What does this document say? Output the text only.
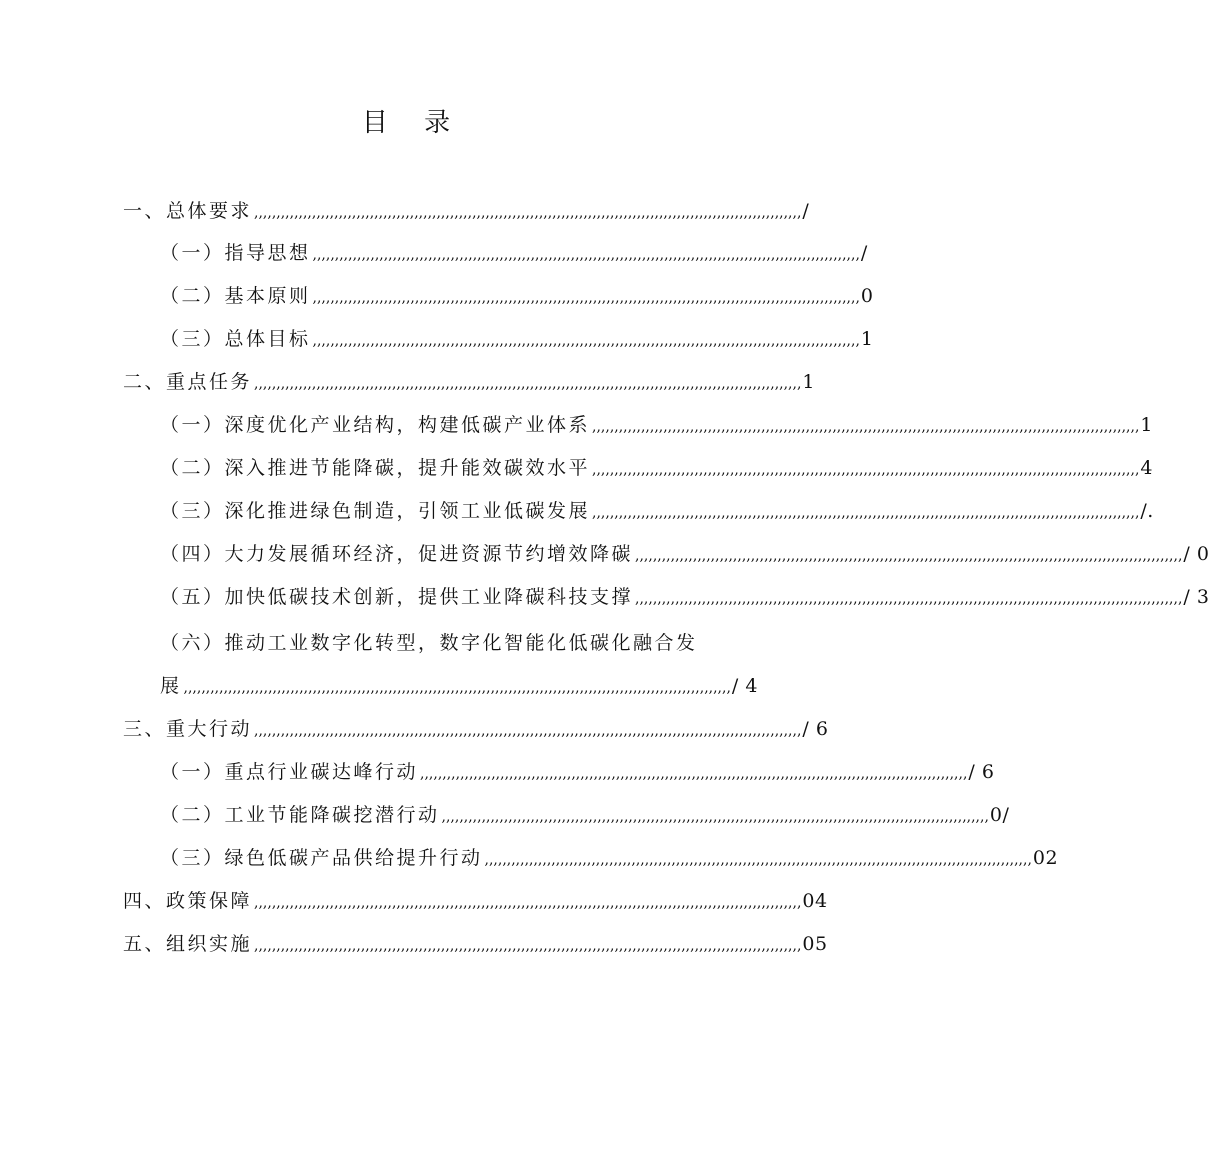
目 录
一、总体要求 ,,,,,,,,,,,,,,,,,,,,,,,,,,,,,,,,,,,,,,,,,,,,,,,,,,,,,,,,,,,,,,,,,,,,,,,,,,,,,,,,,,,,,,,,,,,,,,,,,,,,,,,,,,,,,,,,,,,,,,,,,,, /
（一）指导思想 ,,,,,,,,,,,,,,,,,,,,,,,,,,,,,,,,,,,,,,,,,,,,,,,,,,,,,,,,,,,,,,,,,,,,,,,,,,,,,,,,,,,,,,,,,,,,,,,,,,,,,,,,,,,,,,,,,,,,,,,,,,, /
（二）基本原则 ,,,,,,,,,,,,,,,,,,,,,,,,,,,,,,,,,,,,,,,,,,,,,,,,,,,,,,,,,,,,,,,,,,,,,,,,,,,,,,,,,,,,,,,,,,,,,,,,,,,,,,,,,,,,,,,,,,,,,,,,,,, 0
（三）总体目标 ,,,,,,,,,,,,,,,,,,,,,,,,,,,,,,,,,,,,,,,,,,,,,,,,,,,,,,,,,,,,,,,,,,,,,,,,,,,,,,,,,,,,,,,,,,,,,,,,,,,,,,,,,,,,,,,,,,,,,,,,,,, 1
二、重点任务 ,,,,,,,,,,,,,,,,,,,,,,,,,,,,,,,,,,,,,,,,,,,,,,,,,,,,,,,,,,,,,,,,,,,,,,,,,,,,,,,,,,,,,,,,,,,,,,,,,,,,,,,,,,,,,,,,,,,,,,,,,,, 1
（一）深度优化产业结构，构建低碳产业体系 ,,,,,,,,,,,,,,,,,,,,,,,,,,,,,,,,,,,,,,,,,,,,,,,,,,,,,,,,,,,,,,,,,,,,,,,,,,,,,,,,,,,,,,,,,,,,,,,,,,,,,,,,,,,,,,,,,,,,,,,,,,, 1
（二）深入推进节能降碳，提升能效碳效水平 ,,,,,,,,,,,,,,,,,,,,,,,,,,,,,,,,,,,,,,,,,,,,,,,,,,,,,,,,,,,,,,,,,,,,,,,,,,,,,,,,,,,,,,,,,,,,,,,,,,,,,,,,,,,,,,,,,,,,,,,,,,, 4
（三）深化推进绿色制造，引领工业低碳发展 ,,,,,,,,,,,,,,,,,,,,,,,,,,,,,,,,,,,,,,,,,,,,,,,,,,,,,,,,,,,,,,,,,,,,,,,,,,,,,,,,,,,,,,,,,,,,,,,,,,,,,,,,,,,,,,,,,,,,,,,,,,, /.
（四）大力发展循环经济，促进资源节约增效降碳 ,,,,,,,,,,,,,,,,,,,,,,,,,,,,,,,,,,,,,,,,,,,,,,,,,,,,,,,,,,,,,,,,,,,,,,,,,,,,,,,,,,,,,,,,,,,,,,,,,,,,,,,,,,,,,,,,,,,,,,,,,,, / 0
（五）加快低碳技术创新，提供工业降碳科技支撑 ,,,,,,,,,,,,,,,,,,,,,,,,,,,,,,,,,,,,,,,,,,,,,,,,,,,,,,,,,,,,,,,,,,,,,,,,,,,,,,,,,,,,,,,,,,,,,,,,,,,,,,,,,,,,,,,,,,,,,,,,,,, / 3
（六）推动工业数字化转型，数字化智能化低碳化融合发
展 ,,,,,,,,,,,,,,,,,,,,,,,,,,,,,,,,,,,,,,,,,,,,,,,,,,,,,,,,,,,,,,,,,,,,,,,,,,,,,,,,,,,,,,,,,,,,,,,,,,,,,,,,,,,,,,,,,,,,,,,,,,, / 4
三、重大行动 ,,,,,,,,,,,,,,,,,,,,,,,,,,,,,,,,,,,,,,,,,,,,,,,,,,,,,,,,,,,,,,,,,,,,,,,,,,,,,,,,,,,,,,,,,,,,,,,,,,,,,,,,,,,,,,,,,,,,,,,,,,, / 6
（一）重点行业碳达峰行动 ,,,,,,,,,,,,,,,,,,,,,,,,,,,,,,,,,,,,,,,,,,,,,,,,,,,,,,,,,,,,,,,,,,,,,,,,,,,,,,,,,,,,,,,,,,,,,,,,,,,,,,,,,,,,,,,,,,,,,,,,,,, / 6
（二）工业节能降碳挖潜行动 ,,,,,,,,,,,,,,,,,,,,,,,,,,,,,,,,,,,,,,,,,,,,,,,,,,,,,,,,,,,,,,,,,,,,,,,,,,,,,,,,,,,,,,,,,,,,,,,,,,,,,,,,,,,,,,,,,,,,,,,,,,, 0/
（三）绿色低碳产品供给提升行动 ,,,,,,,,,,,,,,,,,,,,,,,,,,,,,,,,,,,,,,,,,,,,,,,,,,,,,,,,,,,,,,,,,,,,,,,,,,,,,,,,,,,,,,,,,,,,,,,,,,,,,,,,,,,,,,,,,,,,,,,,,,, 02
四、政策保障 ,,,,,,,,,,,,,,,,,,,,,,,,,,,,,,,,,,,,,,,,,,,,,,,,,,,,,,,,,,,,,,,,,,,,,,,,,,,,,,,,,,,,,,,,,,,,,,,,,,,,,,,,,,,,,,,,,,,,,,,,,,, 04
五、组织实施 ,,,,,,,,,,,,,,,,,,,,,,,,,,,,,,,,,,,,,,,,,,,,,,,,,,,,,,,,,,,,,,,,,,,,,,,,,,,,,,,,,,,,,,,,,,,,,,,,,,,,,,,,,,,,,,,,,,,,,,,,,,, 05
